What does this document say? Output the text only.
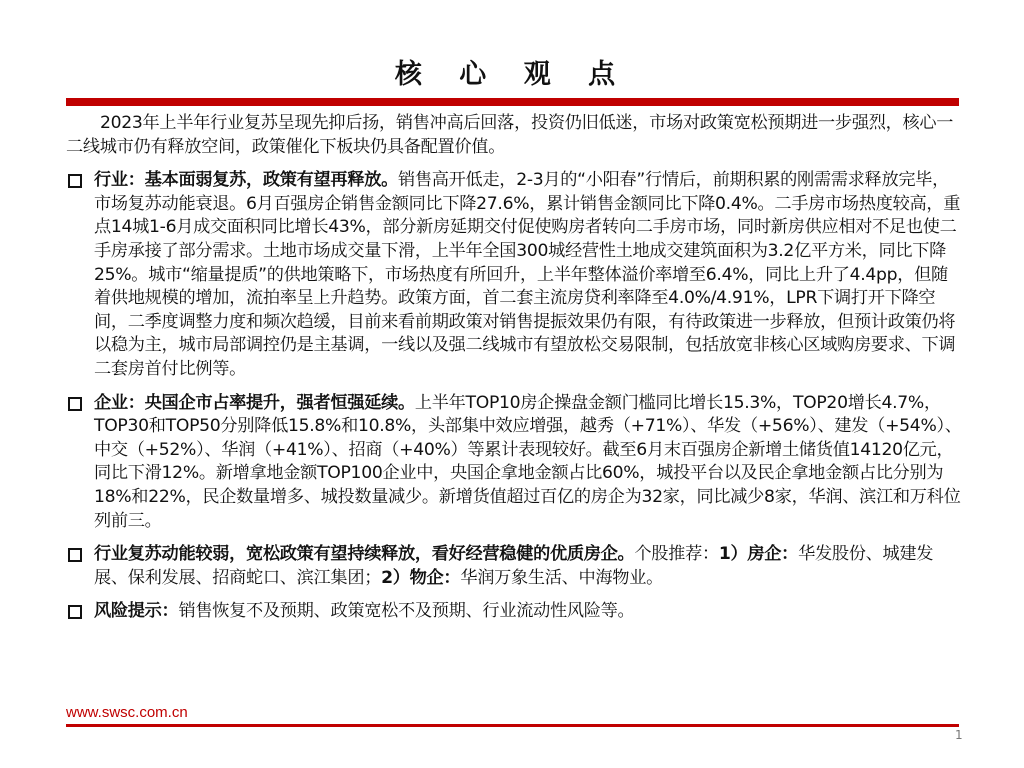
核 心 观 点

2023年上半年行业复苏呈现先抑后扬，销售冲高后回落，投资仍旧低迷，市场对政策宽松预期进一步强烈，核心一二线城市仍有释放空间，政策催化下板块仍具备配置价值。

行业：基本面弱复苏，政策有望再释放。销售高开低走，2-3月的“小阳春”行情后，前期积累的刚需需求释放完毕，市场复苏动能衰退。6月百强房企销售金额同比下降27.6%，累计销售金额同比下降0.4%。二手房市场热度较高，重点14城1-6月成交面积同比增长43%，部分新房延期交付促使购房者转向二手房市场，同时新房供应相对不足也使二手房承接了部分需求。土地市场成交量下滑，上半年全国300城经营性土地成交建筑面积为3.2亿平方米，同比下降25%。城市“缩量提质”的供地策略下，市场热度有所回升，上半年整体溢价率增至6.4%，同比上升了4.4pp，但随着供地规模的增加，流拍率呈上升趋势。政策方面，首二套主流房贷利率降至4.0%/4.91%，LPR下调打开下降空间，二季度调整力度和频次趋缓，目前来看前期政策对销售提振效果仍有限，有待政策进一步释放，但预计政策仍将以稳为主，城市局部调控仍是主基调，一线以及强二线城市有望放松交易限制，包括放宽非核心区域购房要求、下调二套房首付比例等。
企业：央国企市占率提升，强者恒强延续。上半年TOP10房企操盘金额门槛同比增长15.3%，TOP20增长4.7%，TOP30和TOP50分别降低15.8%和10.8%，头部集中效应增强，越秀（+71%）、华发（+56%）、建发（+54%）、中交（+52%）、华润（+41%）、招商（+40%）等累计表现较好。截至6月末百强房企新增土储货值14120亿元，同比下滑12%。新增拿地金额TOP100企业中，央国企拿地金额占比60%，城投平台以及民企拿地金额占比分别为18%和22%，民企数量增多、城投数量减少。新增货值超过百亿的房企为32家，同比减少8家，华润、滨江和万科位列前三。
行业复苏动能较弱，宽松政策有望持续释放，看好经营稳健的优质房企。个股推荐：1）房企：华发股份、城建发展、保利发展、招商蛇口、滨江集团；2）物企：华润万象生活、中海物业。
风险提示：销售恢复不及预期、政策宽松不及预期、行业流动性风险等。
www.swsc.com.cn
1
